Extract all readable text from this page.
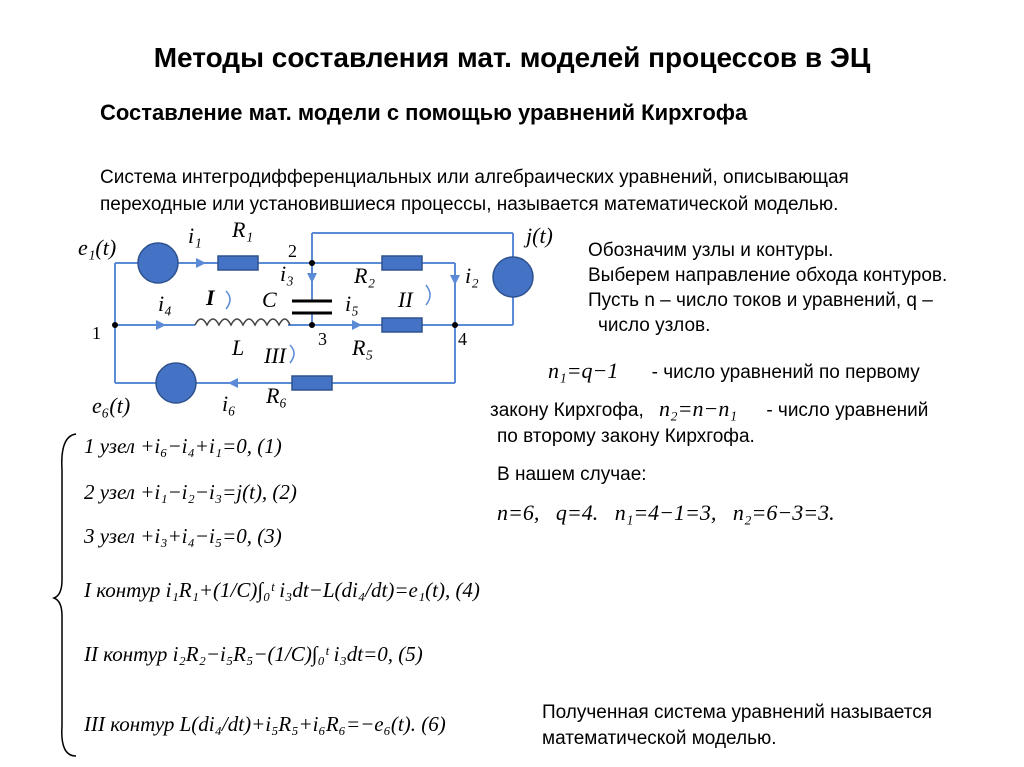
Методы составления мат. моделей процессов в ЭЦ
Составление мат. модели с помощью уравнений Кирхгофа
Система интегродифференциальных или алгебраических уравнений, описывающая
переходные или установившиеся процессы, называется математической моделью.
e₁(t)	i₁ R₁
2
j(t)
i₃
C
R₂	i₂
i₄ I	i₅ II
1	3	4
L III	R₅
e₆(t)	i₆ R₆
Обозначим узлы и контуры.
Выберем направление обхода контуров.
Пусть n – число токов и уравнений, q –
число узлов.
n₁=q−1 - число уравнений по первому
закону Кирхгофа, n₂=n−n₁ - число уравнений
по второму закону Кирхгофа.
В нашем случае:
n=6,   q=4.   n₁=4−1=3,   n₂=6−3=3.
1 узел +i₆−i₄+i₁=0, (1)
2 узел +i₁−i₂−i₃=j(t), (2)
3 узел +i₃+i₄−i₅=0, (3)
I контур i₁R₁+(1/C)∫₀ᵗ i₃dt−L(di₄/dt)=e₁(t), (4)
II контур i₂R₂−i₅R₅−(1/C)∫₀ᵗ i₃dt=0, (5)
III контур L(di₄/dt)+i₅R₅+i₆R₆=−e₆(t). (6)	Полученная система уравнений называется
математической моделью.
